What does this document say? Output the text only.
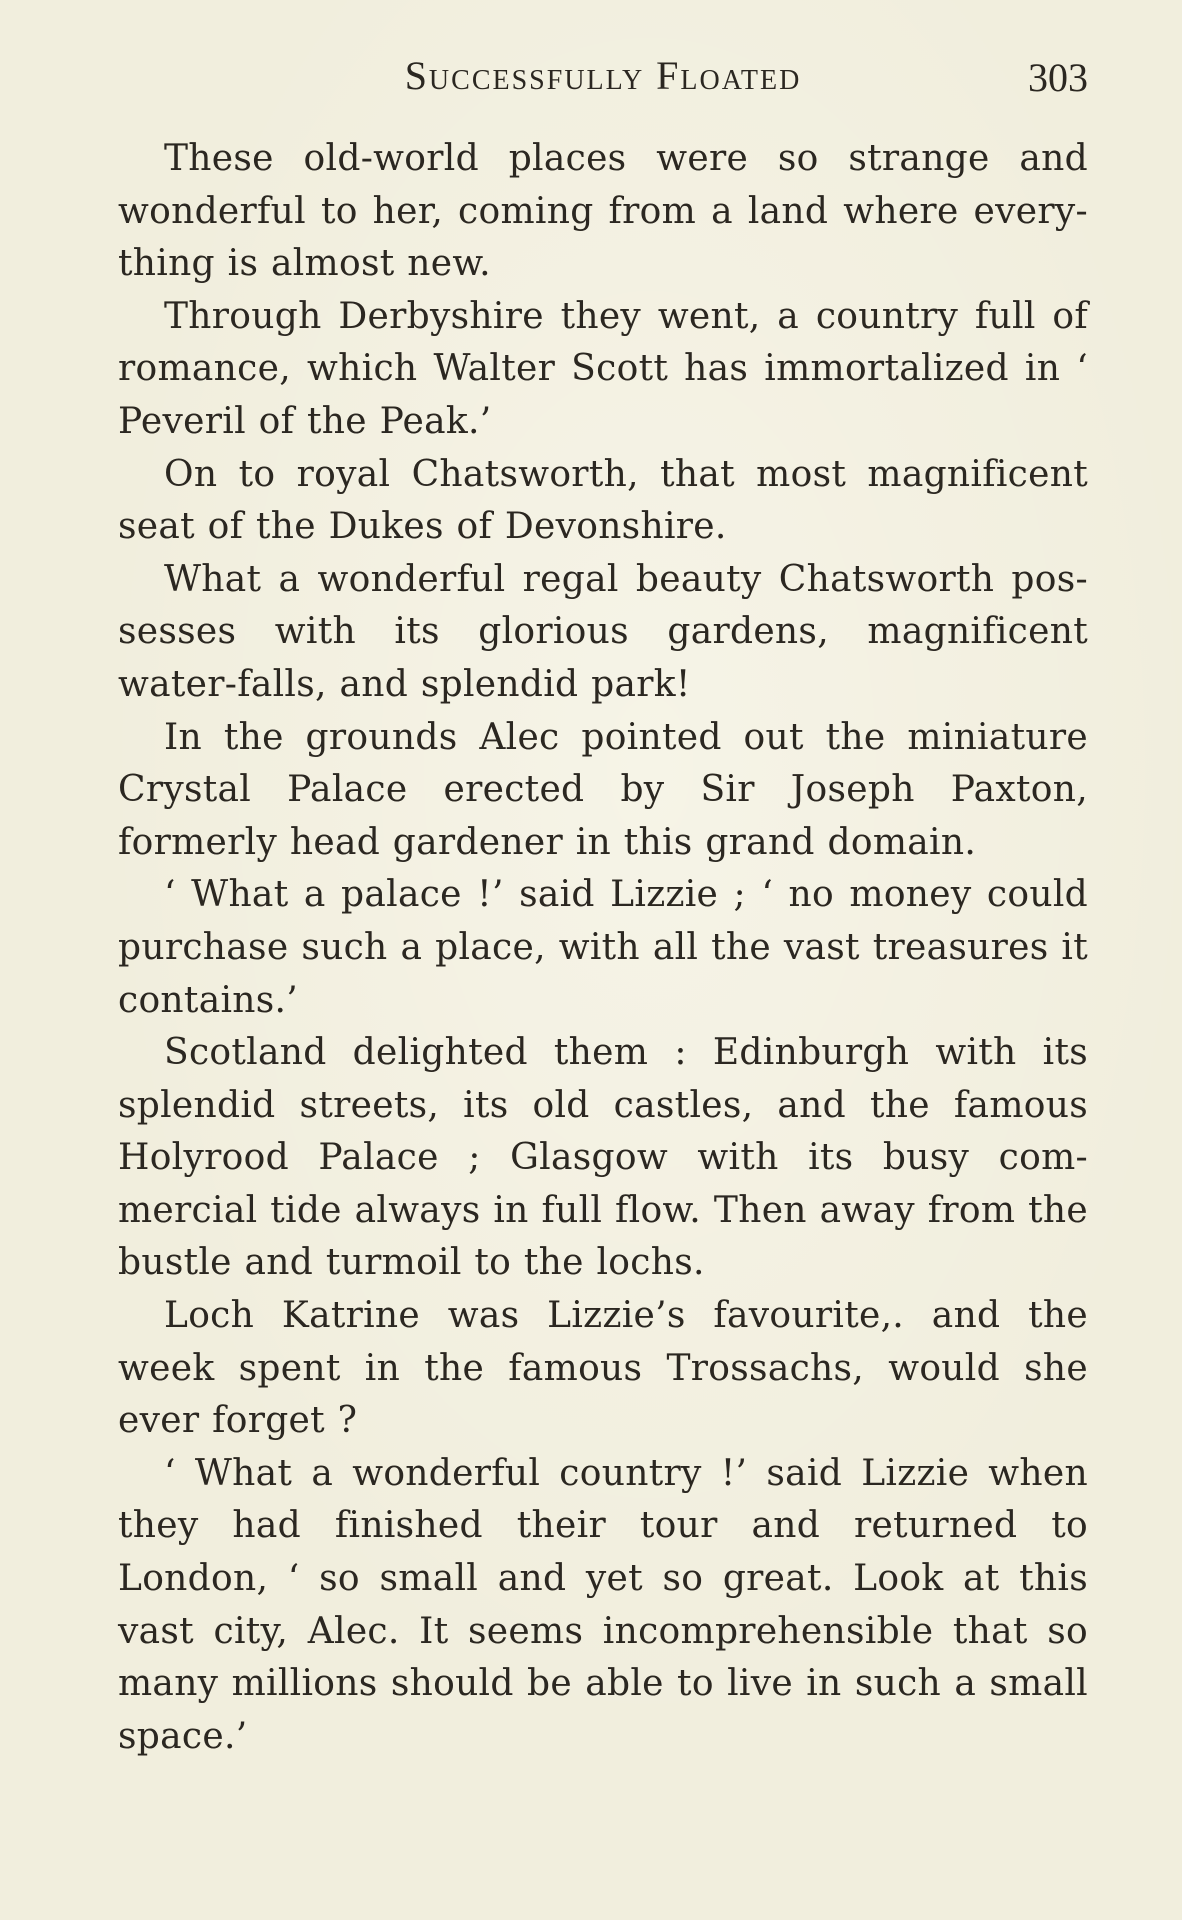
Successfully Floated	303

These old-world places were so strange and wonderful to her, coming from a land where every-thing is almost new.

Through Derbyshire they went, a country full of romance, which Walter Scott has immortalized in ‘ Peveril of the Peak.’

On to royal Chatsworth, that most magnificent seat of the Dukes of Devonshire.

What a wonderful regal beauty Chatsworth pos-sesses with its glorious gardens, magnificent water-falls, and splendid park!

In the grounds Alec pointed out the miniature Crystal Palace erected by Sir Joseph Paxton, formerly head gardener in this grand domain.

‘ What a palace !’ said Lizzie ; ‘ no money could purchase such a place, with all the vast treasures it contains.’

Scotland delighted them : Edinburgh with its splendid streets, its old castles, and the famous Holyrood Palace ; Glasgow with its busy com-mercial tide always in full flow. Then away from the bustle and turmoil to the lochs.

Loch Katrine was Lizzie’s favourite,. and the week spent in the famous Trossachs, would she ever forget ?

‘ What a wonderful country !’ said Lizzie when they had finished their tour and returned to London, ‘ so small and yet so great. Look at this vast city, Alec. It seems incomprehensible that so many millions should be able to live in such a small space.’
